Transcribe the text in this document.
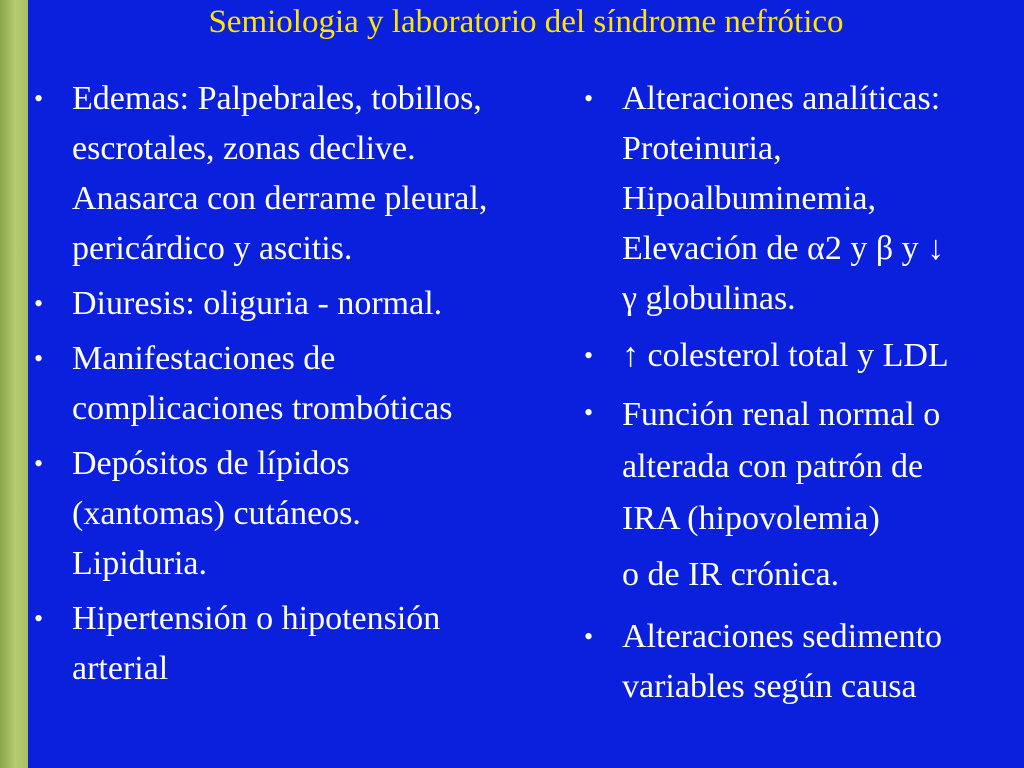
Semiologia y laboratorio del síndrome nefrótico
• Edemas: Palpebrales, tobillos,
escrotales, zonas declive.
Anasarca con derrame pleural,
pericárdico y ascitis.
• Diuresis: oliguria - normal.
• Manifestaciones de
complicaciones trombóticas
• Depósitos de lípidos
(xantomas) cutáneos.
Lipiduria.
• Hipertensión o hipotensión
arterial
• Alteraciones analíticas:
Proteinuria,
Hipoalbuminemia,
Elevación de α2 y β y ↓
γ globulinas.
• ↑ colesterol total y LDL
• Función renal normal o
alterada con patrón de
IRA (hipovolemia)
o de IR crónica.
• Alteraciones sedimento
variables según causa
